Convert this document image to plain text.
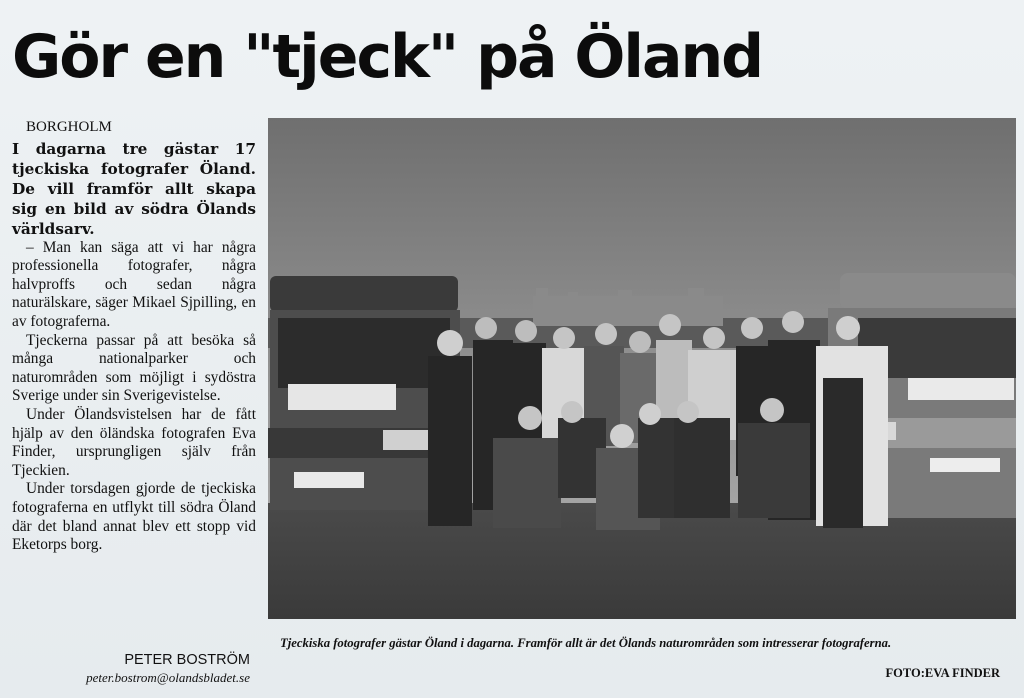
Gör en "tjeck" på Öland
BORGHOLM

I dagarna tre gästar 17 tjeckiska fotografer Öland. De vill framför allt skapa sig en bild av södra Ölands världsarv.

– Man kan säga att vi har några professionella fotografer, några halvproffs och sedan några naturälskare, säger Mikael Sjpilling, en av fotograferna.

Tjeckerna passar på att besöka så många nationalparker och naturområden som möjligt i sydöstra Sverige under sin Sverigevistelse.

Under Ölandsvistelsen har de fått hjälp av den öländska fotografen Eva Finder, ursprungligen själv från Tjeckien.

Under torsdagen gjorde de tjeckiska fotograferna en utflykt till södra Öland där det bland annat blev ett stopp vid Eketorps borg.

PETER BOSTRÖM
peter.bostrom@olandsbladet.se
Tjeckiska fotografer gästar Öland i dagarna. Framför allt är det Ölands naturområden som intresserar fotograferna.
FOTO:EVA FINDER
